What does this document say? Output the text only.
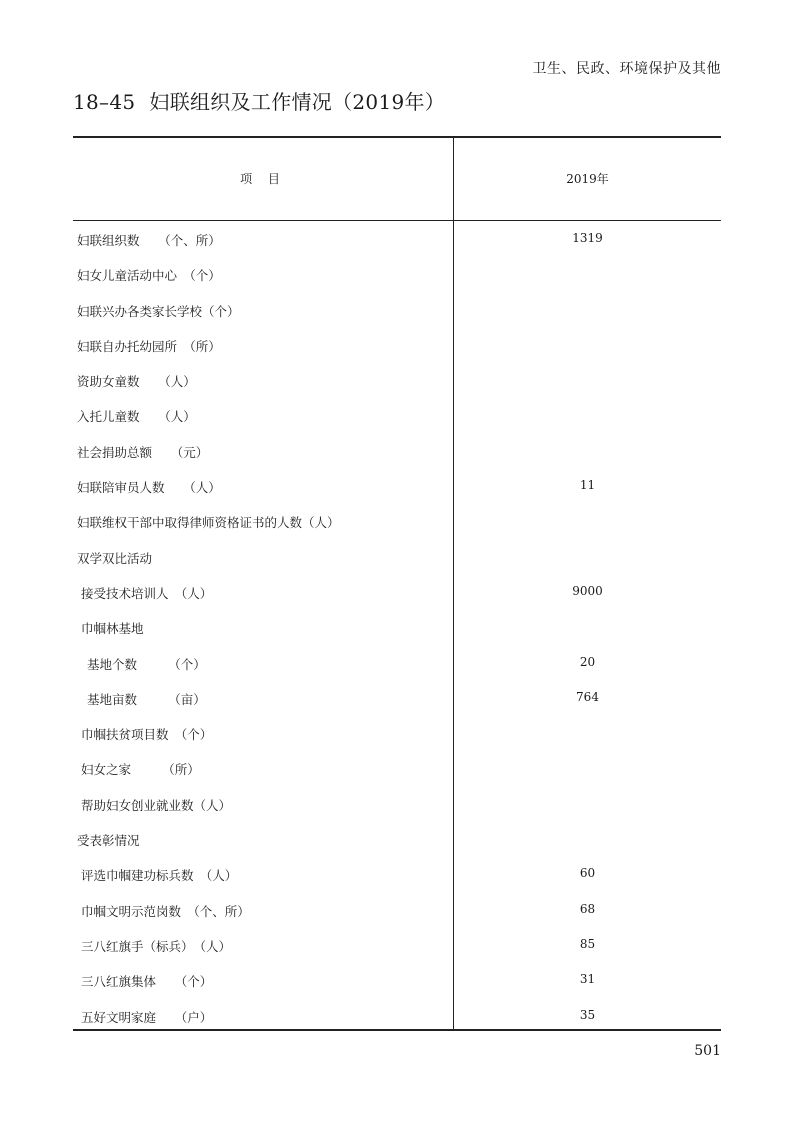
卫生、民政、环境保护及其他
18–45 妇联组织及工作情况（2019年）
项 目	2019年
妇联组织数　　（个、所）	1319
妇女儿童活动中心　（个）
妇联兴办各类家长学校（个）
妇联自办托幼园所　（所）
资助女童数　　（人）
入托儿童数　　（人）
社会捐助总额　　（元）
妇联陪审员人数　　（人）	11
妇联维权干部中取得律师资格证书的人数（人）
双学双比活动
接受技术培训人　（人）	9000
巾帼林基地
基地个数　　　（个）	20
基地亩数　　　（亩）	764
巾帼扶贫项目数　（个）
妇女之家　　　（所）
帮助妇女创业就业数（人）
受表彰情况
评选巾帼建功标兵数　（人）	60
巾帼文明示范岗数　（个、所）	68
三八红旗手（标兵）　（人）	85
三八红旗集体　　（个）	31
五好文明家庭　　（户）	35
501
